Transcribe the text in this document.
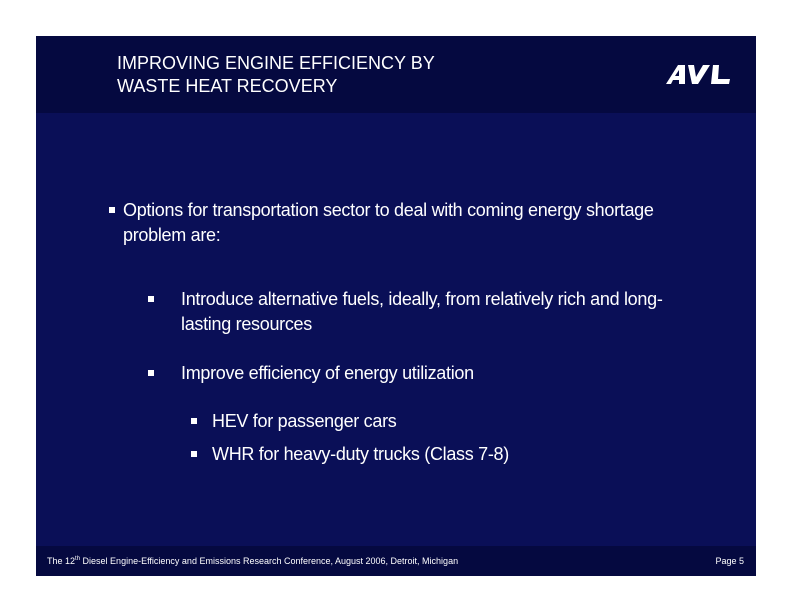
IMPROVING ENGINE EFFICIENCY BY
WASTE HEAT RECOVERY
Options for transportation sector to deal with coming energy shortage problem are:
Introduce alternative fuels, ideally, from relatively rich and long-lasting resources
Improve efficiency of energy utilization
HEV for passenger cars
WHR for heavy-duty trucks (Class 7-8)
The 12th Diesel Engine-Efficiency and Emissions Research Conference, August 2006, Detroit, Michigan	Page 5
